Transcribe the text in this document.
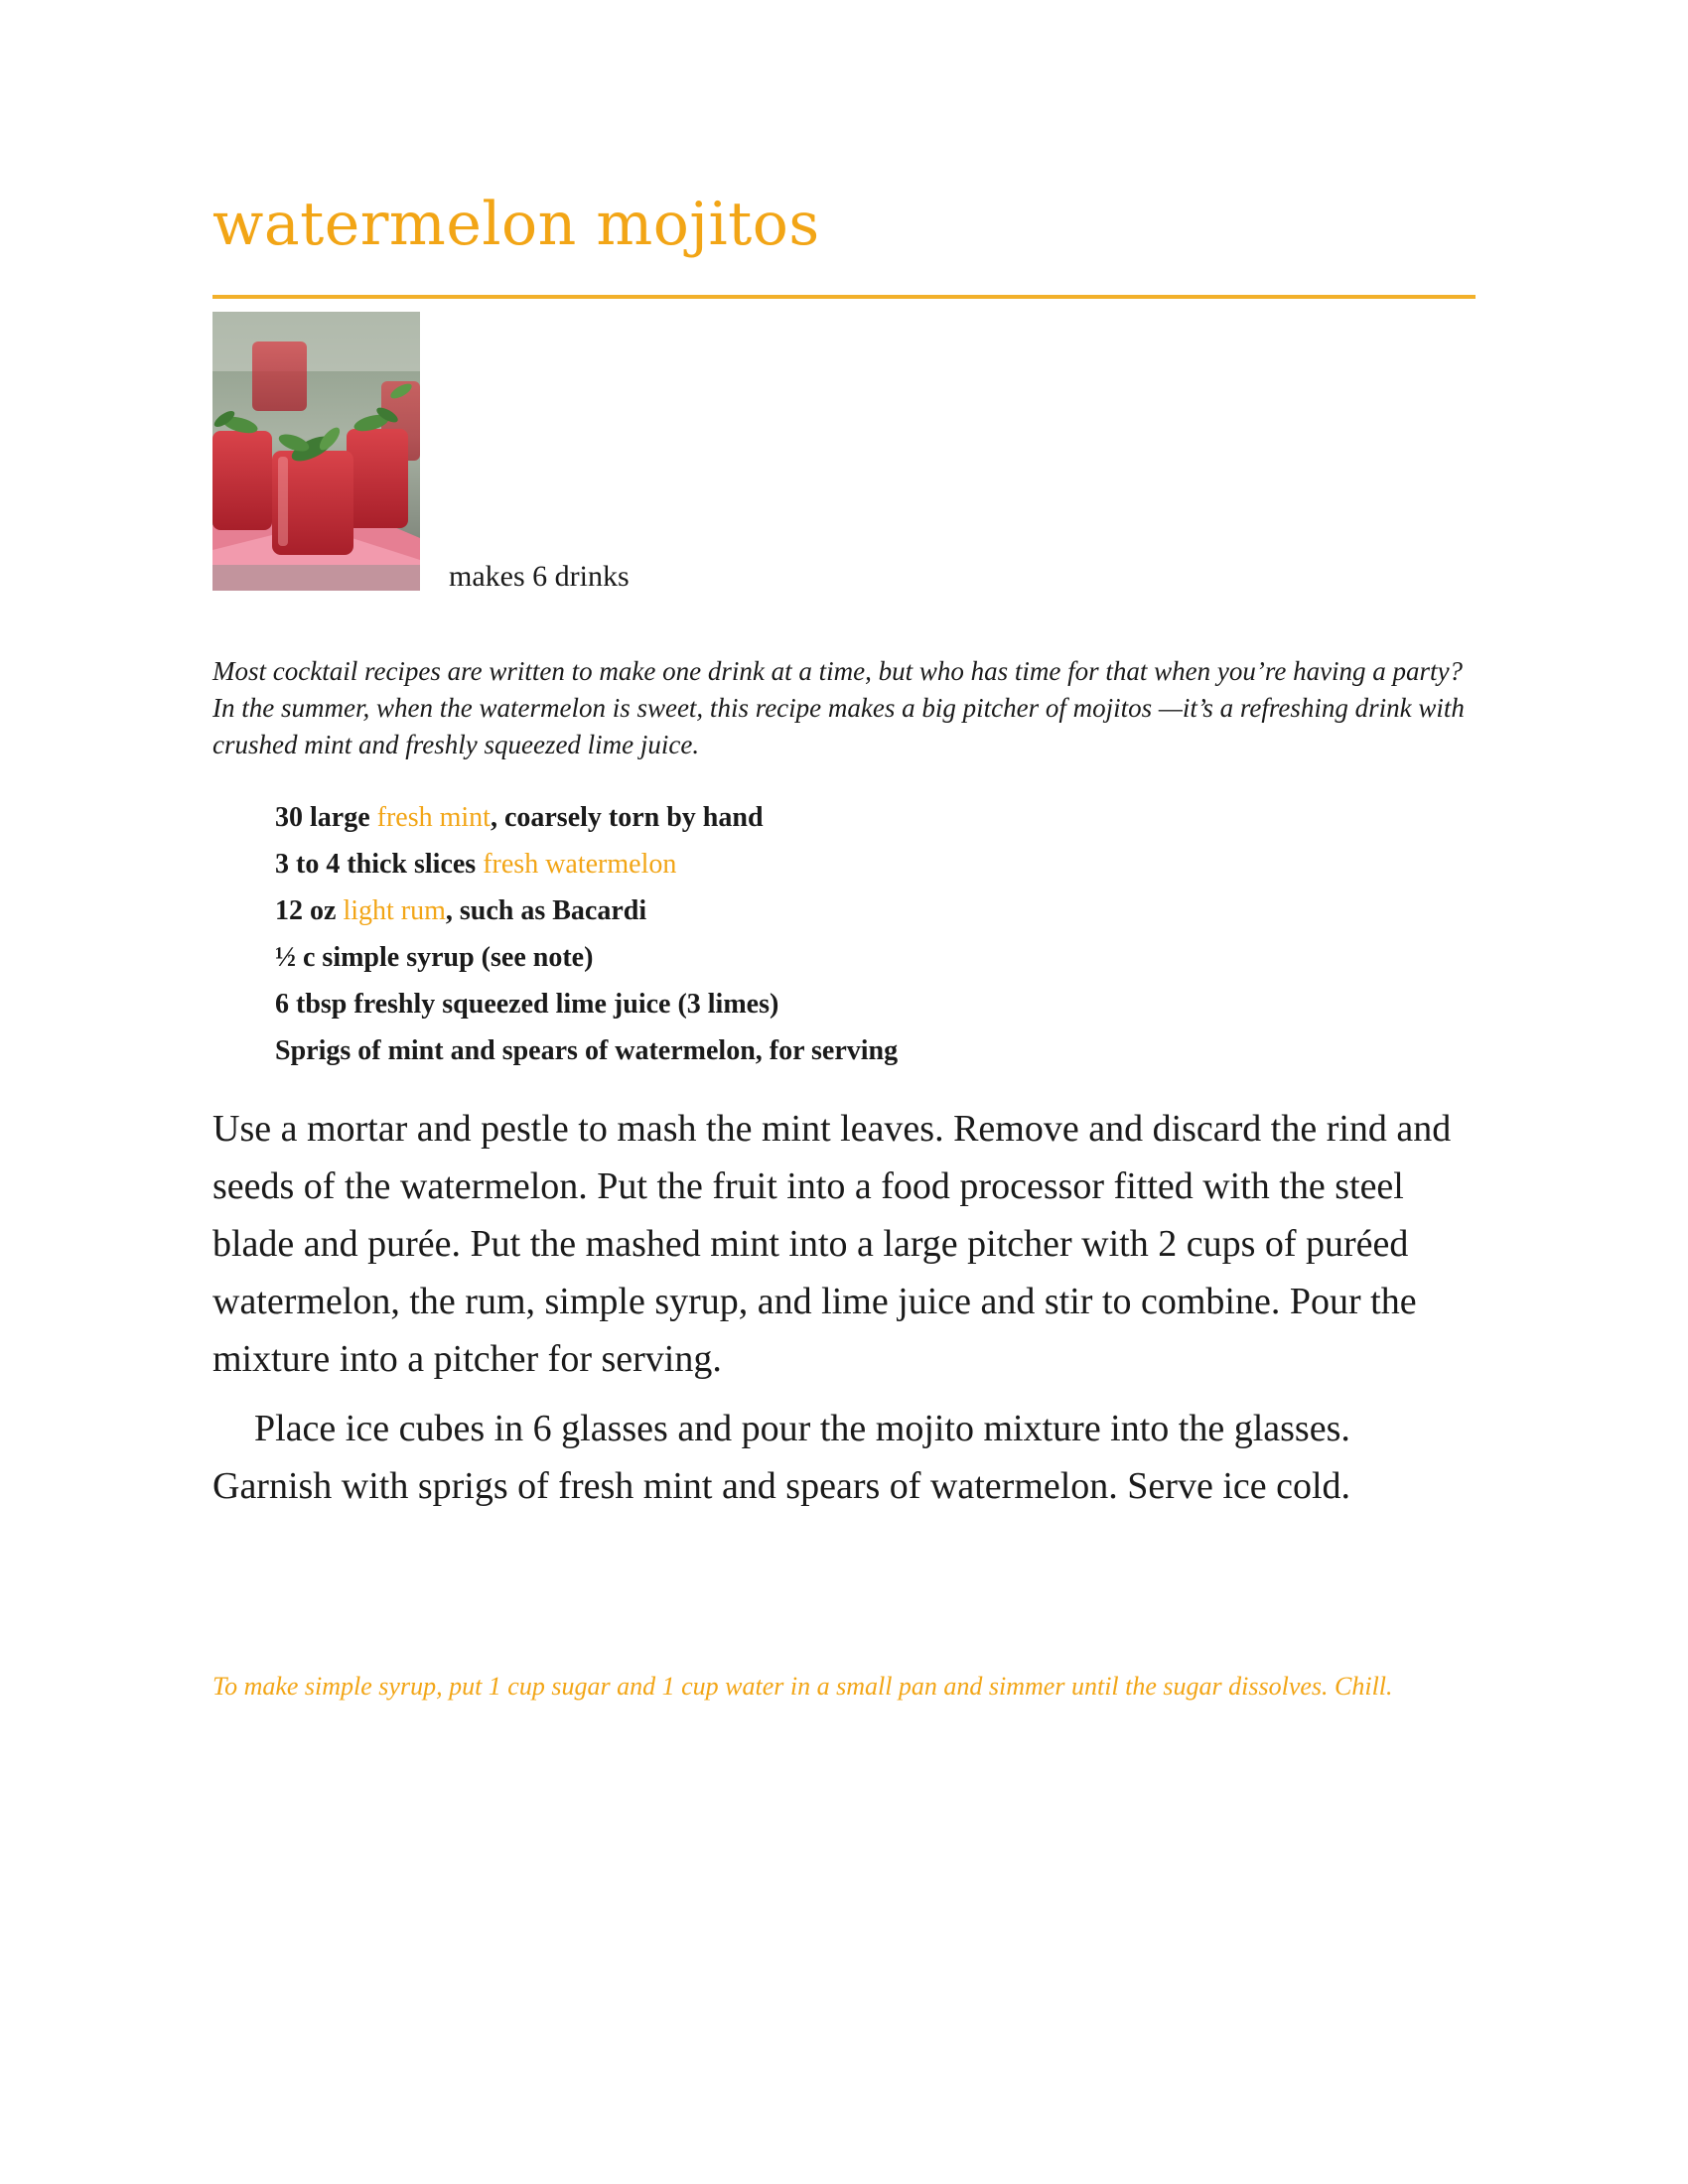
watermelon mojitos
makes 6 drinks

Most cocktail recipes are written to make one drink at a time, but who has time for that when you’re having a party? In the summer, when the watermelon is sweet, this recipe makes a big pitcher of mojitos —it’s a refreshing drink with crushed mint and freshly squeezed lime juice.

30 large fresh mint, coarsely torn by hand
3 to 4 thick slices fresh watermelon
12 oz light rum, such as Bacardi
½ c simple syrup (see note)
6 tbsp freshly squeezed lime juice (3 limes)
Sprigs of mint and spears of watermelon, for serving

Use a mortar and pestle to mash the mint leaves. Remove and discard the rind and seeds of the watermelon. Put the fruit into a food processor fitted with the steel blade and purée. Put the mashed mint into a large pitcher with 2 cups of puréed watermelon, the rum, simple syrup, and lime juice and stir to combine. Pour the mixture into a pitcher for serving.

Place ice cubes in 6 glasses and pour the mojito mixture into the glasses. Garnish with sprigs of fresh mint and spears of watermelon. Serve ice cold.

To make simple syrup, put 1 cup sugar and 1 cup water in a small pan and simmer until the sugar dissolves. Chill.
